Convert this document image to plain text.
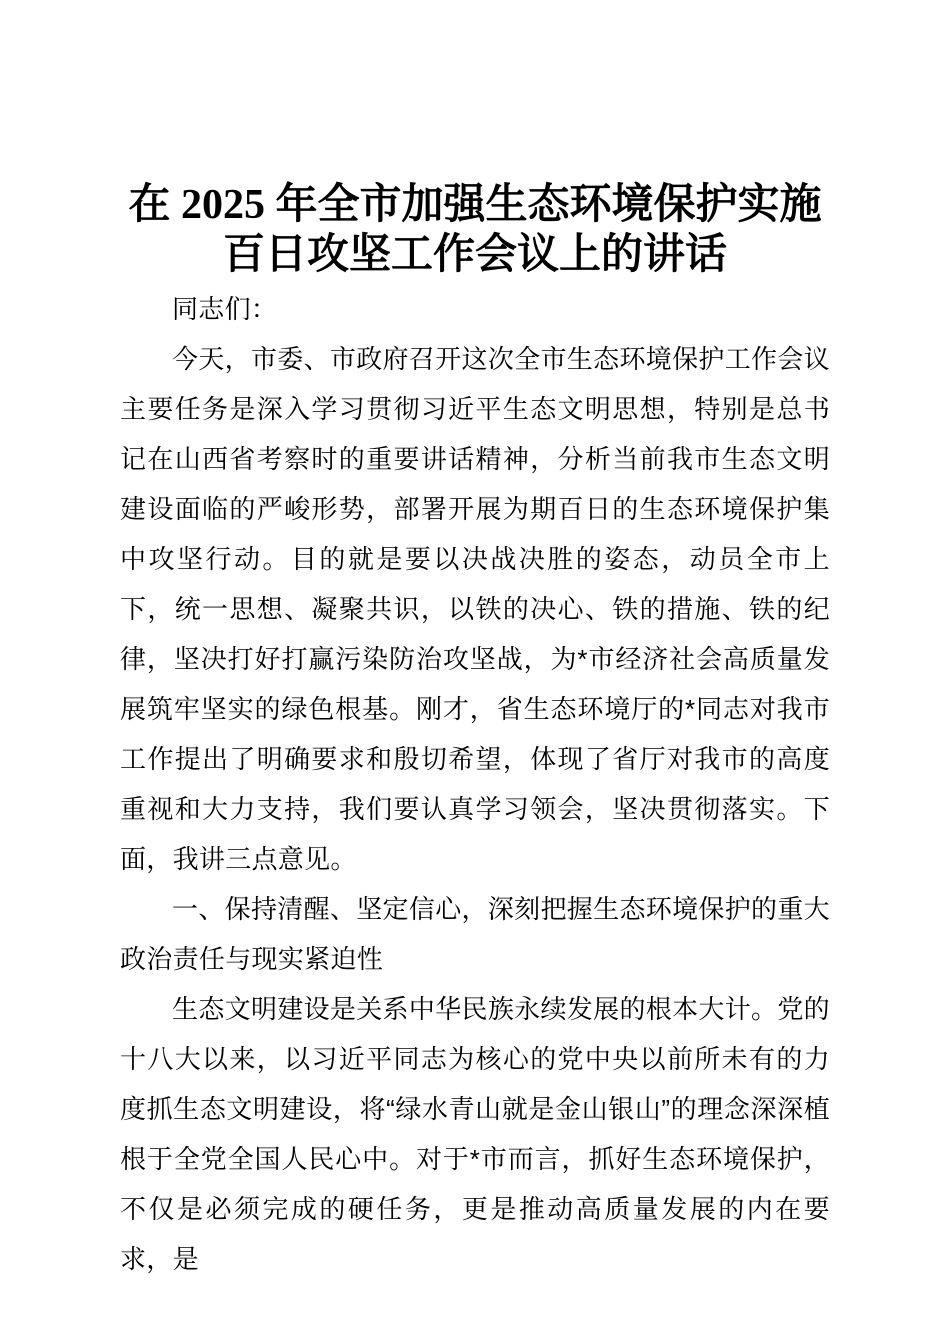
在 2025 年全市加强生态环境保护实施
百日攻坚工作会议上的讲话

同志们：

今天，市委、市政府召开这次全市生态环境保护工作会议主要任务是深入学习贯彻习近平生态文明思想，特别是总书记在山西省考察时的重要讲话精神，分析当前我市生态文明建设面临的严峻形势，部署开展为期百日的生态环境保护集中攻坚行动。目的就是要以决战决胜的姿态，动员全市上下，统一思想、凝聚共识，以铁的决心、铁的措施、铁的纪律，坚决打好打赢污染防治攻坚战，为*市经济社会高质量发展筑牢坚实的绿色根基。刚才，省生态环境厅的*同志对我市工作提出了明确要求和殷切希望，体现了省厅对我市的高度重视和大力支持，我们要认真学习领会，坚决贯彻落实。下面，我讲三点意见。

一、保持清醒、坚定信心，深刻把握生态环境保护的重大政治责任与现实紧迫性

生态文明建设是关系中华民族永续发展的根本大计。党的十八大以来，以习近平同志为核心的党中央以前所未有的力度抓生态文明建设，将“绿水青山就是金山银山”的理念深深植根于全党全国人民心中。对于*市而言，抓好生态环境保护，不仅是必须完成的硬任务，更是推动高质量发展的内在要求，是
